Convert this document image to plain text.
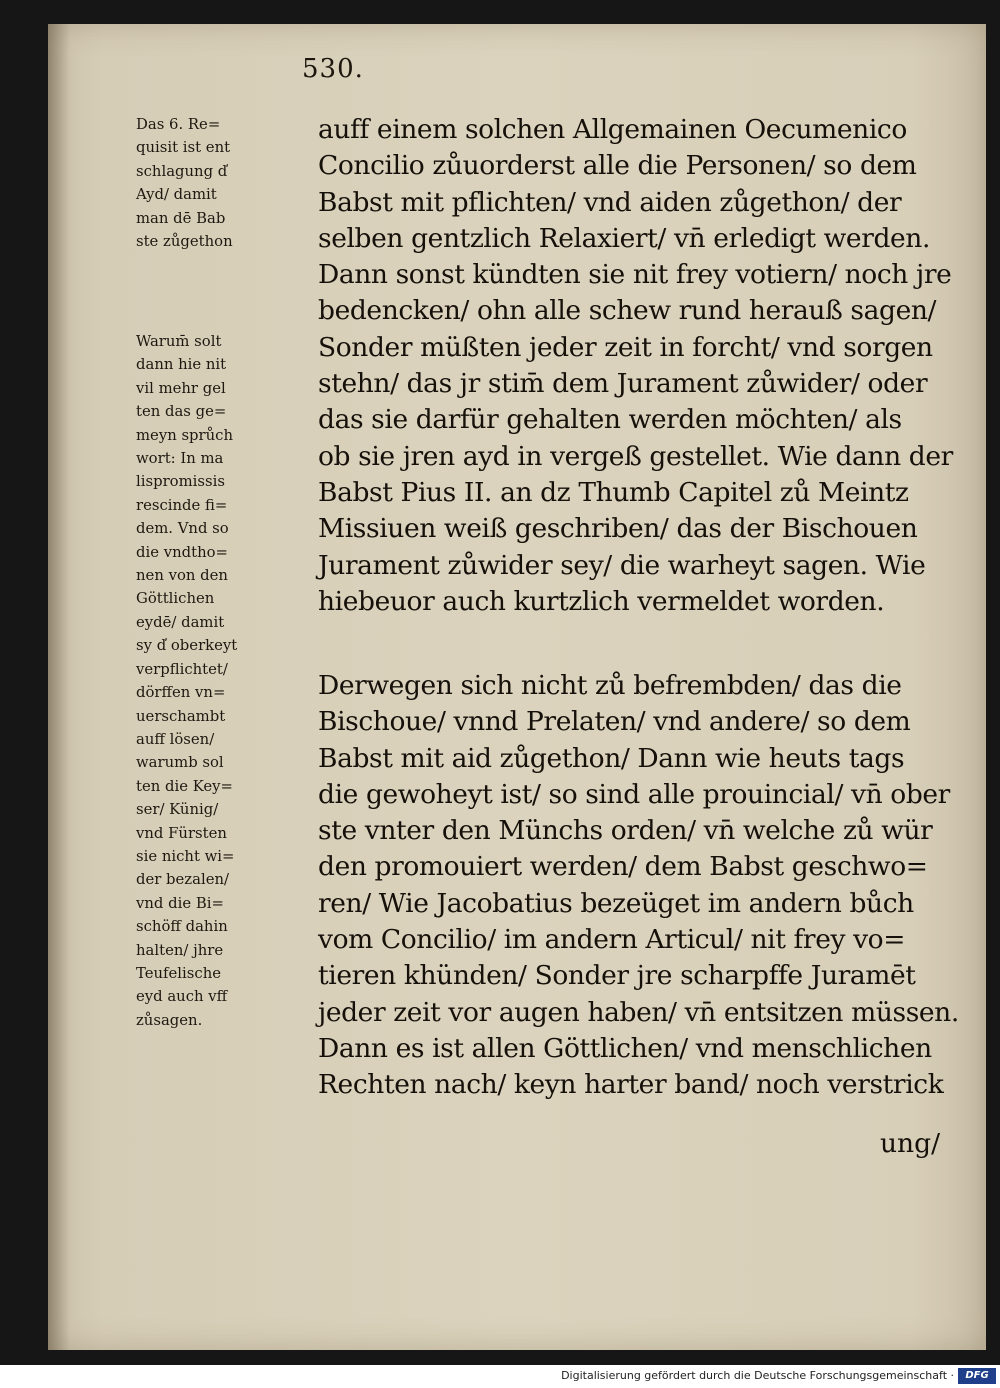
530.
Das 6. Re=
quisit ist ent
schlagung d̕
Ayd/ damit
man dē Bab
ste zůgethon
Warum̄ solt
dann hie nit
vil mehr gel
ten das ge=
meyn sprůch
wort: In ma
lispromissis
rescinde fi=
dem. Vnd so
die vndtho=
nen von den
Göttlichen
eydē/ damit
sy d̕ oberkeyt
verpflichtet/
dörffen vn=
uerschambt
auff lösen/
warumb sol
ten die Key=
ser/ Künig/
vnd Fürsten
sie nicht wi=
der bezalen/
vnd die Bi=
schöff dahin
halten/ jhre
Teufelische
eyd auch vff
zůsagen.
auff einem solchen Allgemainen Oecumenico
Concilio zůuorderst alle die Personen/ so dem
Babst mit pflichten/ vnd aiden zůgethon/ der
selben gentzlich Relaxiert/ vn̄ erledigt werden.
Dann sonst kündten sie nit frey votiern/ noch jre
bedencken/ ohn alle schew rund herauß sagen/
Sonder müßten jeder zeit in forcht/ vnd sorgen
stehn/ das jr stim̄ dem Jurament zůwider/ oder
das sie darfür gehalten werden möchten/ als
ob sie jren ayd in vergeß gestellet. Wie dann der
Babst Pius II. an dz Thumb Capitel zů Meintz
Missiuen weiß geschriben/ das der Bischouen
Jurament zůwider sey/ die warheyt sagen. Wie
hiebeuor auch kurtzlich vermeldet worden.
Derwegen sich nicht zů befrembden/ das die
Bischoue/ vnnd Prelaten/ vnd andere/ so dem
Babst mit aid zůgethon/ Dann wie heuts tags
die gewoheyt ist/ so sind alle prouincial/ vn̄ ober
ste vnter den Münchs orden/ vn̄ welche zů wür
den promouiert werden/ dem Babst geschwo=
ren/ Wie Jacobatius bezeüget im andern bůch
vom Concilio/ im andern Articul/ nit frey vo=
tieren khünden/ Sonder jre scharpffe Juramēt
jeder zeit vor augen haben/ vn̄ entsitzen müssen.
Dann es ist allen Göttlichen/ vnd menschlichen
Rechten nach/ keyn harter band/ noch verstrick
ung/
Digitalisierung gefördert durch die Deutsche Forschungsgemeinschaft ·	DFG
